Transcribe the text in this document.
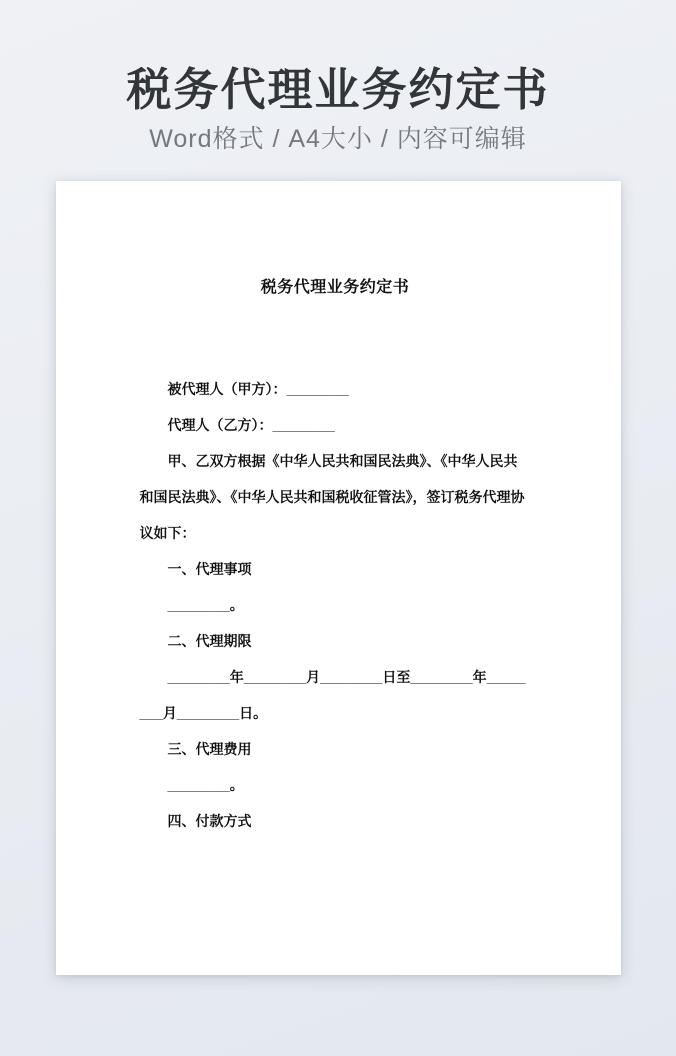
税务代理业务约定书

Word格式 / A4大小 / 内容可编辑

税务代理业务约定书

被代理人（甲方）：________

代理人（乙方）：________

甲、乙双方根据《中华人民共和国民法典》、《中华人民共和国民法典》、《中华人民共和国税收征管法》，签订税务代理协议如下：

一、代理事项

________。

二、代理期限

________年________月________日至________年________月________日。

三、代理费用

________。

四、付款方式
